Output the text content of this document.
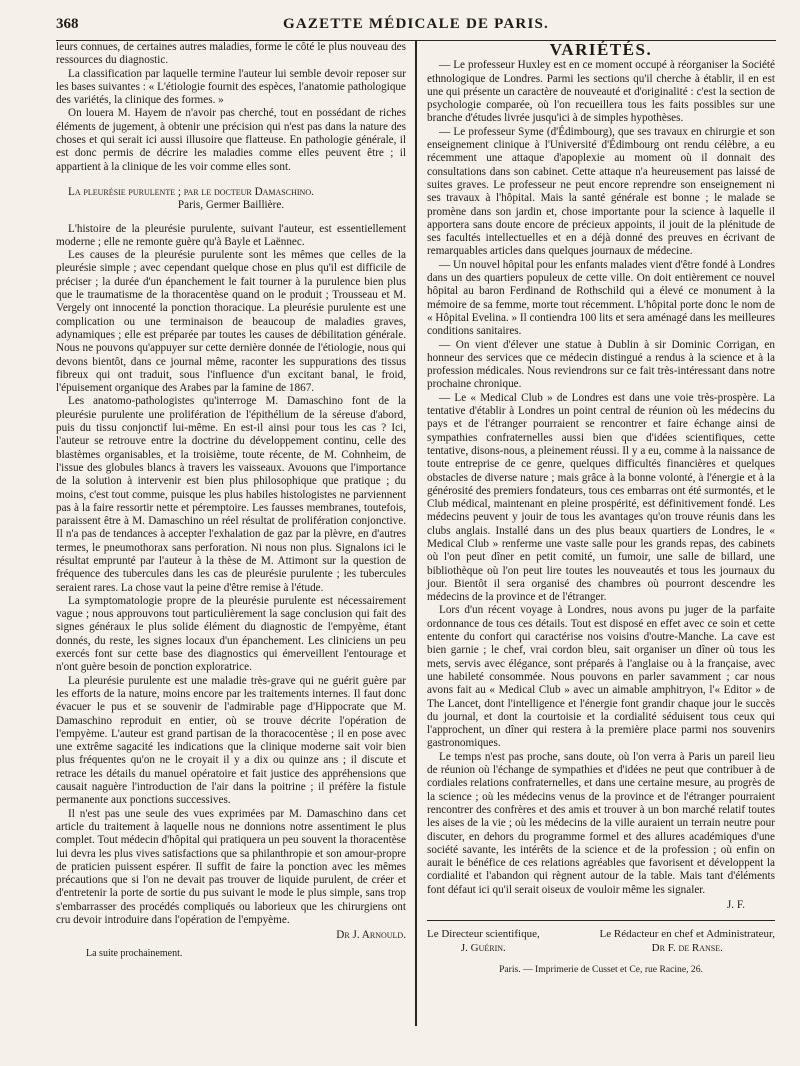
368	GAZETTE MÉDICALE DE PARIS.

leurs connues, de certaines autres maladies, forme le côté le plus nouveau des ressources du diagnostic.

La classification par laquelle termine l'auteur lui semble devoir reposer sur les bases suivantes : « L'étiologie fournit des espèces, l'anatomie pathologique des variétés, la clinique des formes. »

On louera M. Hayem de n'avoir pas cherché, tout en possédant de riches éléments de jugement, à obtenir une précision qui n'est pas dans la nature des choses et qui serait ici aussi illusoire que flatteuse. En pathologie générale, il est donc permis de décrire les maladies comme elles peuvent être ; il appartient à la clinique de les voir comme elles sont.

La pleurésie purulente ; par le docteur Damaschino.

Paris, Germer Baillière.

L'histoire de la pleurésie purulente, suivant l'auteur, est essentiellement moderne ; elle ne remonte guère qu'à Bayle et Laënnec.

Les causes de la pleurésie purulente sont les mêmes que celles de la pleurésie simple ; avec cependant quelque chose en plus qu'il est difficile de préciser ; la durée d'un épanchement le fait tourner à la purulence bien plus que le traumatisme de la thoracentèse quand on le produit ; Trousseau et M. Vergely ont innocenté la ponction thoracique. La pleurésie purulente est une complication ou une terminaison de beaucoup de maladies graves, adynamiques ; elle est préparée par toutes les causes de débilitation générale. Nous ne pouvons qu'appuyer sur cette dernière donnée de l'étiologie, nous qui devons bientôt, dans ce journal même, raconter les suppurations des tissus fibreux qui ont traduit, sous l'influence d'un excitant banal, le froid, l'épuisement organique des Arabes par la famine de 1867.

Les anatomo-pathologistes qu'interroge M. Damaschino font de la pleurésie purulente une prolifération de l'épithélium de la séreuse d'abord, puis du tissu conjonctif lui-même. En est-il ainsi pour tous les cas ? Ici, l'auteur se retrouve entre la doctrine du développement continu, celle des blastèmes organisables, et la troisième, toute récente, de M. Cohnheim, de l'issue des globules blancs à travers les vaisseaux. Avouons que l'importance de la solution à intervenir est bien plus philosophique que pratique ; du moins, c'est tout comme, puisque les plus habiles histologistes ne parviennent pas à la faire ressortir nette et péremptoire. Les fausses membranes, toutefois, paraissent être à M. Damaschino un réel résultat de prolifération conjonctive. Il n'a pas de tendances à accepter l'exhalation de gaz par la plèvre, en d'autres termes, le pneumothorax sans perforation. Ni nous non plus. Signalons ici le résultat emprunté par l'auteur à la thèse de M. Attimont sur la question de fréquence des tubercules dans les cas de pleurésie purulente ; les tubercules seraient rares. La chose vaut la peine d'être remise à l'étude.

La symptomatologie propre de la pleurésie purulente est nécessairement vague ; nous approuvons tout particulièrement la sage conclusion qui fait des signes généraux le plus solide élément du diagnostic de l'empyème, étant donnés, du reste, les signes locaux d'un épanchement. Les cliniciens un peu exercés font sur cette base des diagnostics qui émerveillent l'entourage et n'ont guère besoin de ponction exploratrice.

La pleurésie purulente est une maladie très-grave qui ne guérit guère par les efforts de la nature, moins encore par les traitements internes. Il faut donc évacuer le pus et se souvenir de l'admirable page d'Hippocrate que M. Damaschino reproduit en entier, où se trouve décrite l'opération de l'empyème. L'auteur est grand partisan de la thoracocentèse ; il en pose avec une extrême sagacité les indications que la clinique moderne sait voir bien plus fréquentes qu'on ne le croyait il y a dix ou quinze ans ; il discute et retrace les détails du manuel opératoire et fait justice des appréhensions que causait naguère l'introduction de l'air dans la poitrine ; il préfère la fistule permanente aux ponctions successives.

Il n'est pas une seule des vues exprimées par M. Damaschino dans cet article du traitement à laquelle nous ne donnions notre assentiment le plus complet. Tout médecin d'hôpital qui pratiquera un peu souvent la thoracentèse lui devra les plus vives satisfactions que sa philanthropie et son amour-propre de praticien puissent espérer. Il suffit de faire la ponction avec les mêmes précautions que si l'on ne devait pas trouver de liquide purulent, de créer et d'entretenir la porte de sortie du pus suivant le mode le plus simple, sans trop s'embarrasser des procédés compliqués ou laborieux que les chirurgiens ont cru devoir introduire dans l'opération de l'empyème.

Dr J. Arnould.
La suite prochainement.
VARIÉTÉS.

— Le professeur Huxley est en ce moment occupé à réorganiser la Société ethnologique de Londres. Parmi les sections qu'il cherche à établir, il en est une qui présente un caractère de nouveauté et d'originalité : c'est la section de psychologie comparée, où l'on recueillera tous les faits possibles sur une branche d'études livrée jusqu'ici à de simples hypothèses.

— Le professeur Syme (d'Édimbourg), que ses travaux en chirurgie et son enseignement clinique à l'Université d'Édimbourg ont rendu célèbre, a eu récemment une attaque d'apoplexie au moment où il donnait des consultations dans son cabinet. Cette attaque n'a heureusement pas laissé de suites graves. Le professeur ne peut encore reprendre son enseignement ni ses travaux à l'hôpital. Mais la santé générale est bonne ; le malade se promène dans son jardin et, chose importante pour la science à laquelle il apportera sans doute encore de précieux appoints, il jouit de la plénitude de ses facultés intellectuelles et en a déjà donné des preuves en écrivant de remarquables articles dans quelques journaux de médecine.

— Un nouvel hôpital pour les enfants malades vient d'être fondé à Londres dans un des quartiers populeux de cette ville. On doit entièrement ce nouvel hôpital au baron Ferdinand de Rothschild qui a élevé ce monument à la mémoire de sa femme, morte tout récemment. L'hôpital porte donc le nom de « Hôpital Evelina. » Il contiendra 100 lits et sera aménagé dans les meilleures conditions sanitaires.

— On vient d'élever une statue à Dublin à sir Dominic Corrigan, en honneur des services que ce médecin distingué a rendus à la science et à la profession médicales. Nous reviendrons sur ce fait très-intéressant dans notre prochaine chronique.

— Le « Medical Club » de Londres est dans une voie très-prospère. La tentative d'établir à Londres un point central de réunion où les médecins du pays et de l'étranger pourraient se rencontrer et faire échange ainsi de sympathies confraternelles aussi bien que d'idées scientifiques, cette tentative, disons-nous, a pleinement réussi. Il y a eu, comme à la naissance de toute entreprise de ce genre, quelques difficultés financières et quelques obstacles de diverse nature ; mais grâce à la bonne volonté, à l'énergie et à la générosité des premiers fondateurs, tous ces embarras ont été surmontés, et le Club médical, maintenant en pleine prospérité, est définitivement fondé. Les médecins peuvent y jouir de tous les avantages qu'on trouve réunis dans les clubs anglais. Installé dans un des plus beaux quartiers de Londres, le « Medical Club » renferme une vaste salle pour les grands repas, des cabinets où l'on peut dîner en petit comité, un fumoir, une salle de billard, une bibliothèque où l'on peut lire toutes les nouveautés et tous les journaux du jour. Bientôt il sera organisé des chambres où pourront descendre les médecins de la province et de l'étranger.

Lors d'un récent voyage à Londres, nous avons pu juger de la parfaite ordonnance de tous ces détails. Tout est disposé en effet avec ce soin et cette entente du confort qui caractérise nos voisins d'outre-Manche. La cave est bien garnie ; le chef, vrai cordon bleu, sait organiser un dîner où tous les mets, servis avec élégance, sont préparés à l'anglaise ou à la française, avec une habileté consommée. Nous pouvons en parler savamment ; car nous avons fait au « Medical Club » avec un aimable amphitryon, l'« Editor » de The Lancet, dont l'intelligence et l'énergie font grandir chaque jour le succès du journal, et dont la courtoisie et la cordialité séduisent tous ceux qui l'approchent, un dîner qui restera à la première place parmi nos souvenirs gastronomiques.

Le temps n'est pas proche, sans doute, où l'on verra à Paris un pareil lieu de réunion où l'échange de sympathies et d'idées ne peut que contribuer à de cordiales relations confraternelles, et dans une certaine mesure, au progrès de la science ; où les médecins venus de la province et de l'étranger pourraient rencontrer des confrères et des amis et trouver à un bon marché relatif toutes les aises de la vie ; où les médecins de la ville auraient un terrain neutre pour discuter, en dehors du programme formel et des allures académiques d'une société savante, les intérêts de la science et de la profession ; où enfin on aurait le bénéfice de ces relations agréables que favorisent et développent la cordialité et l'abandon qui règnent autour de la table. Mais tant d'éléments font défaut ici qu'il serait oiseux de vouloir même les signaler.

J. F.
Le Directeur scientifique,
J. Guérin.
Le Rédacteur en chef et Administrateur,
Dr F. de Ranse.
Paris. — Imprimerie de Cusset et Ce, rue Racine, 26.
